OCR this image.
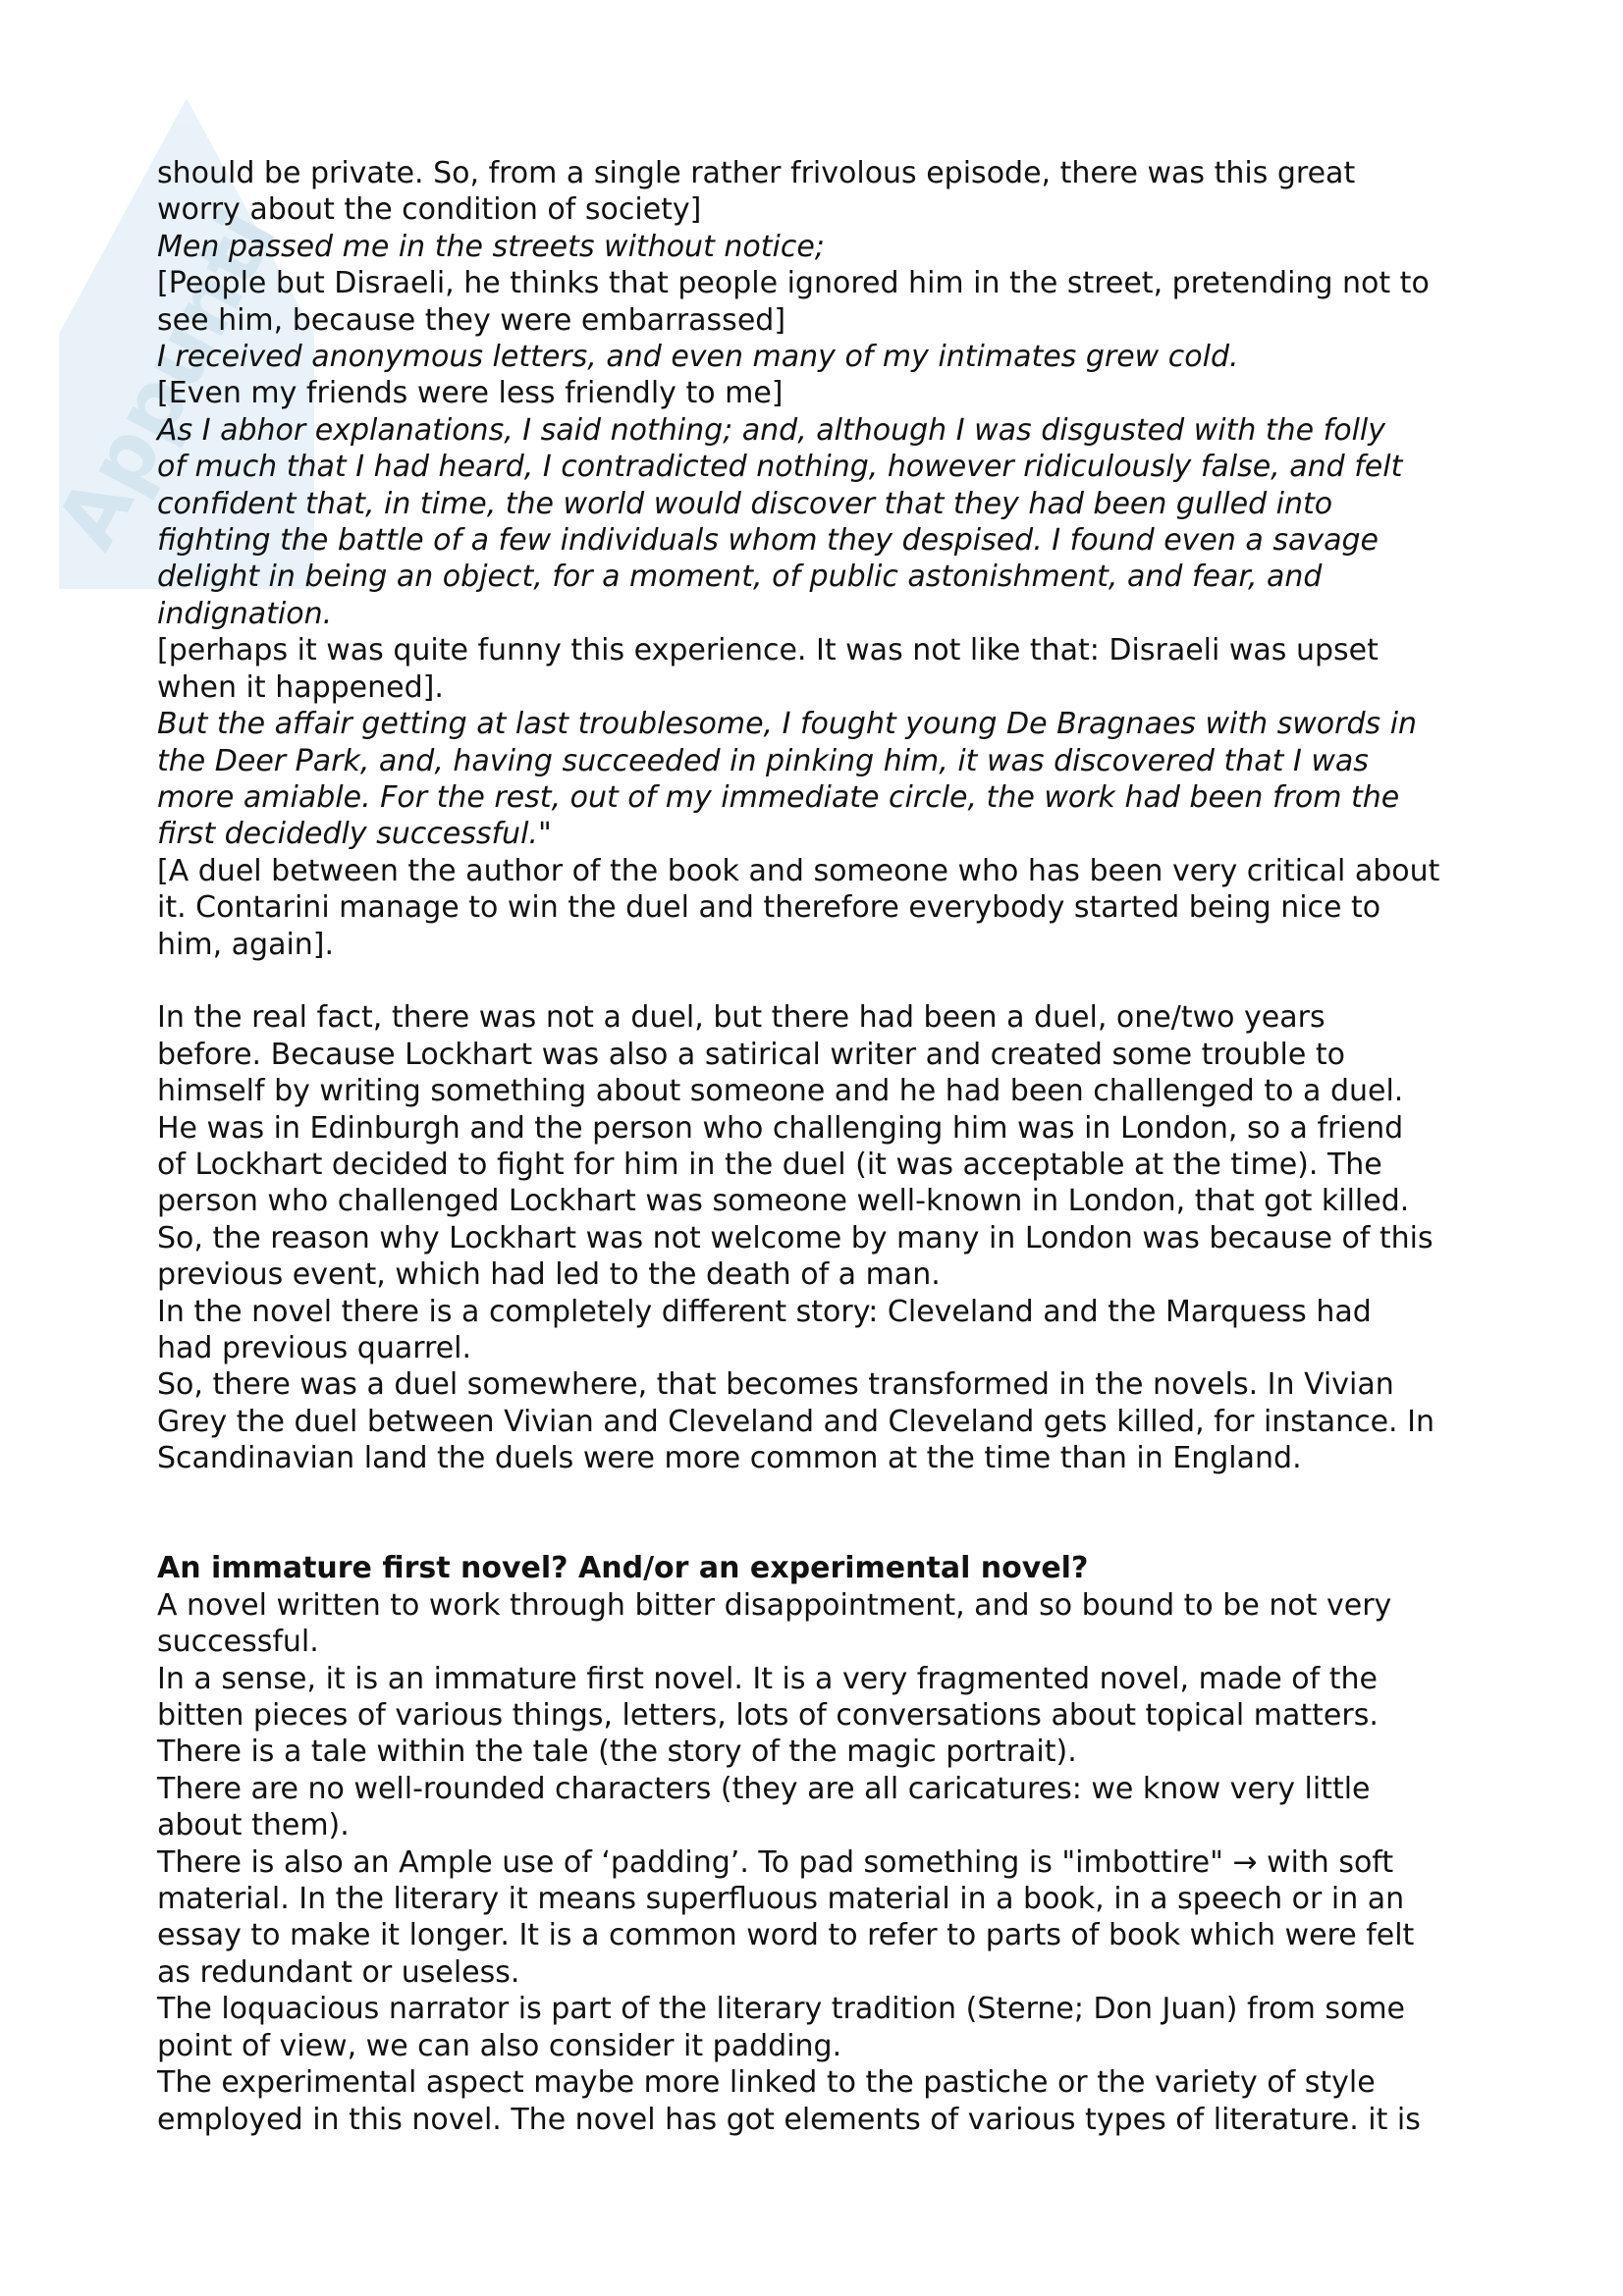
Appunti
should be private. So, from a single rather frivolous episode, there was this great
worry about the condition of society]
Men passed me in the streets without notice;
[People but Disraeli, he thinks that people ignored him in the street, pretending not to
see him, because they were embarrassed]
I received anonymous letters, and even many of my intimates grew cold.
[Even my friends were less friendly to me]
As I abhor explanations, I said nothing; and, although I was disgusted with the folly
of much that I had heard, I contradicted nothing, however ridiculously false, and felt
confident that, in time, the world would discover that they had been gulled into
fighting the battle of a few individuals whom they despised. I found even a savage
delight in being an object, for a moment, of public astonishment, and fear, and
indignation.
[perhaps it was quite funny this experience. It was not like that: Disraeli was upset
when it happened].
But the affair getting at last troublesome, I fought young De Bragnaes with swords in
the Deer Park, and, having succeeded in pinking him, it was discovered that I was
more amiable. For the rest, out of my immediate circle, the work had been from the
first decidedly successful."
[A duel between the author of the book and someone who has been very critical about
it. Contarini manage to win the duel and therefore everybody started being nice to
him, again].
In the real fact, there was not a duel, but there had been a duel, one/two years
before. Because Lockhart was also a satirical writer and created some trouble to
himself by writing something about someone and he had been challenged to a duel.
He was in Edinburgh and the person who challenging him was in London, so a friend
of Lockhart decided to fight for him in the duel (it was acceptable at the time). The
person who challenged Lockhart was someone well-known in London, that got killed.
So, the reason why Lockhart was not welcome by many in London was because of this
previous event, which had led to the death of a man.
In the novel there is a completely different story: Cleveland and the Marquess had
had previous quarrel.
So, there was a duel somewhere, that becomes transformed in the novels. In Vivian
Grey the duel between Vivian and Cleveland and Cleveland gets killed, for instance. In
Scandinavian land the duels were more common at the time than in England.
An immature first novel? And/or an experimental novel?
A novel written to work through bitter disappointment, and so bound to be not very
successful.
In a sense, it is an immature first novel. It is a very fragmented novel, made of the
bitten pieces of various things, letters, lots of conversations about topical matters.
There is a tale within the tale (the story of the magic portrait).
There are no well-rounded characters (they are all caricatures: we know very little
about them).
There is also an Ample use of ‘padding’. To pad something is "imbottire" → with soft
material. In the literary it means superfluous material in a book, in a speech or in an
essay to make it longer. It is a common word to refer to parts of book which were felt
as redundant or useless.
The loquacious narrator is part of the literary tradition (Sterne; Don Juan) from some
point of view, we can also consider it padding.
The experimental aspect maybe more linked to the pastiche or the variety of style
employed in this novel. The novel has got elements of various types of literature. it is
